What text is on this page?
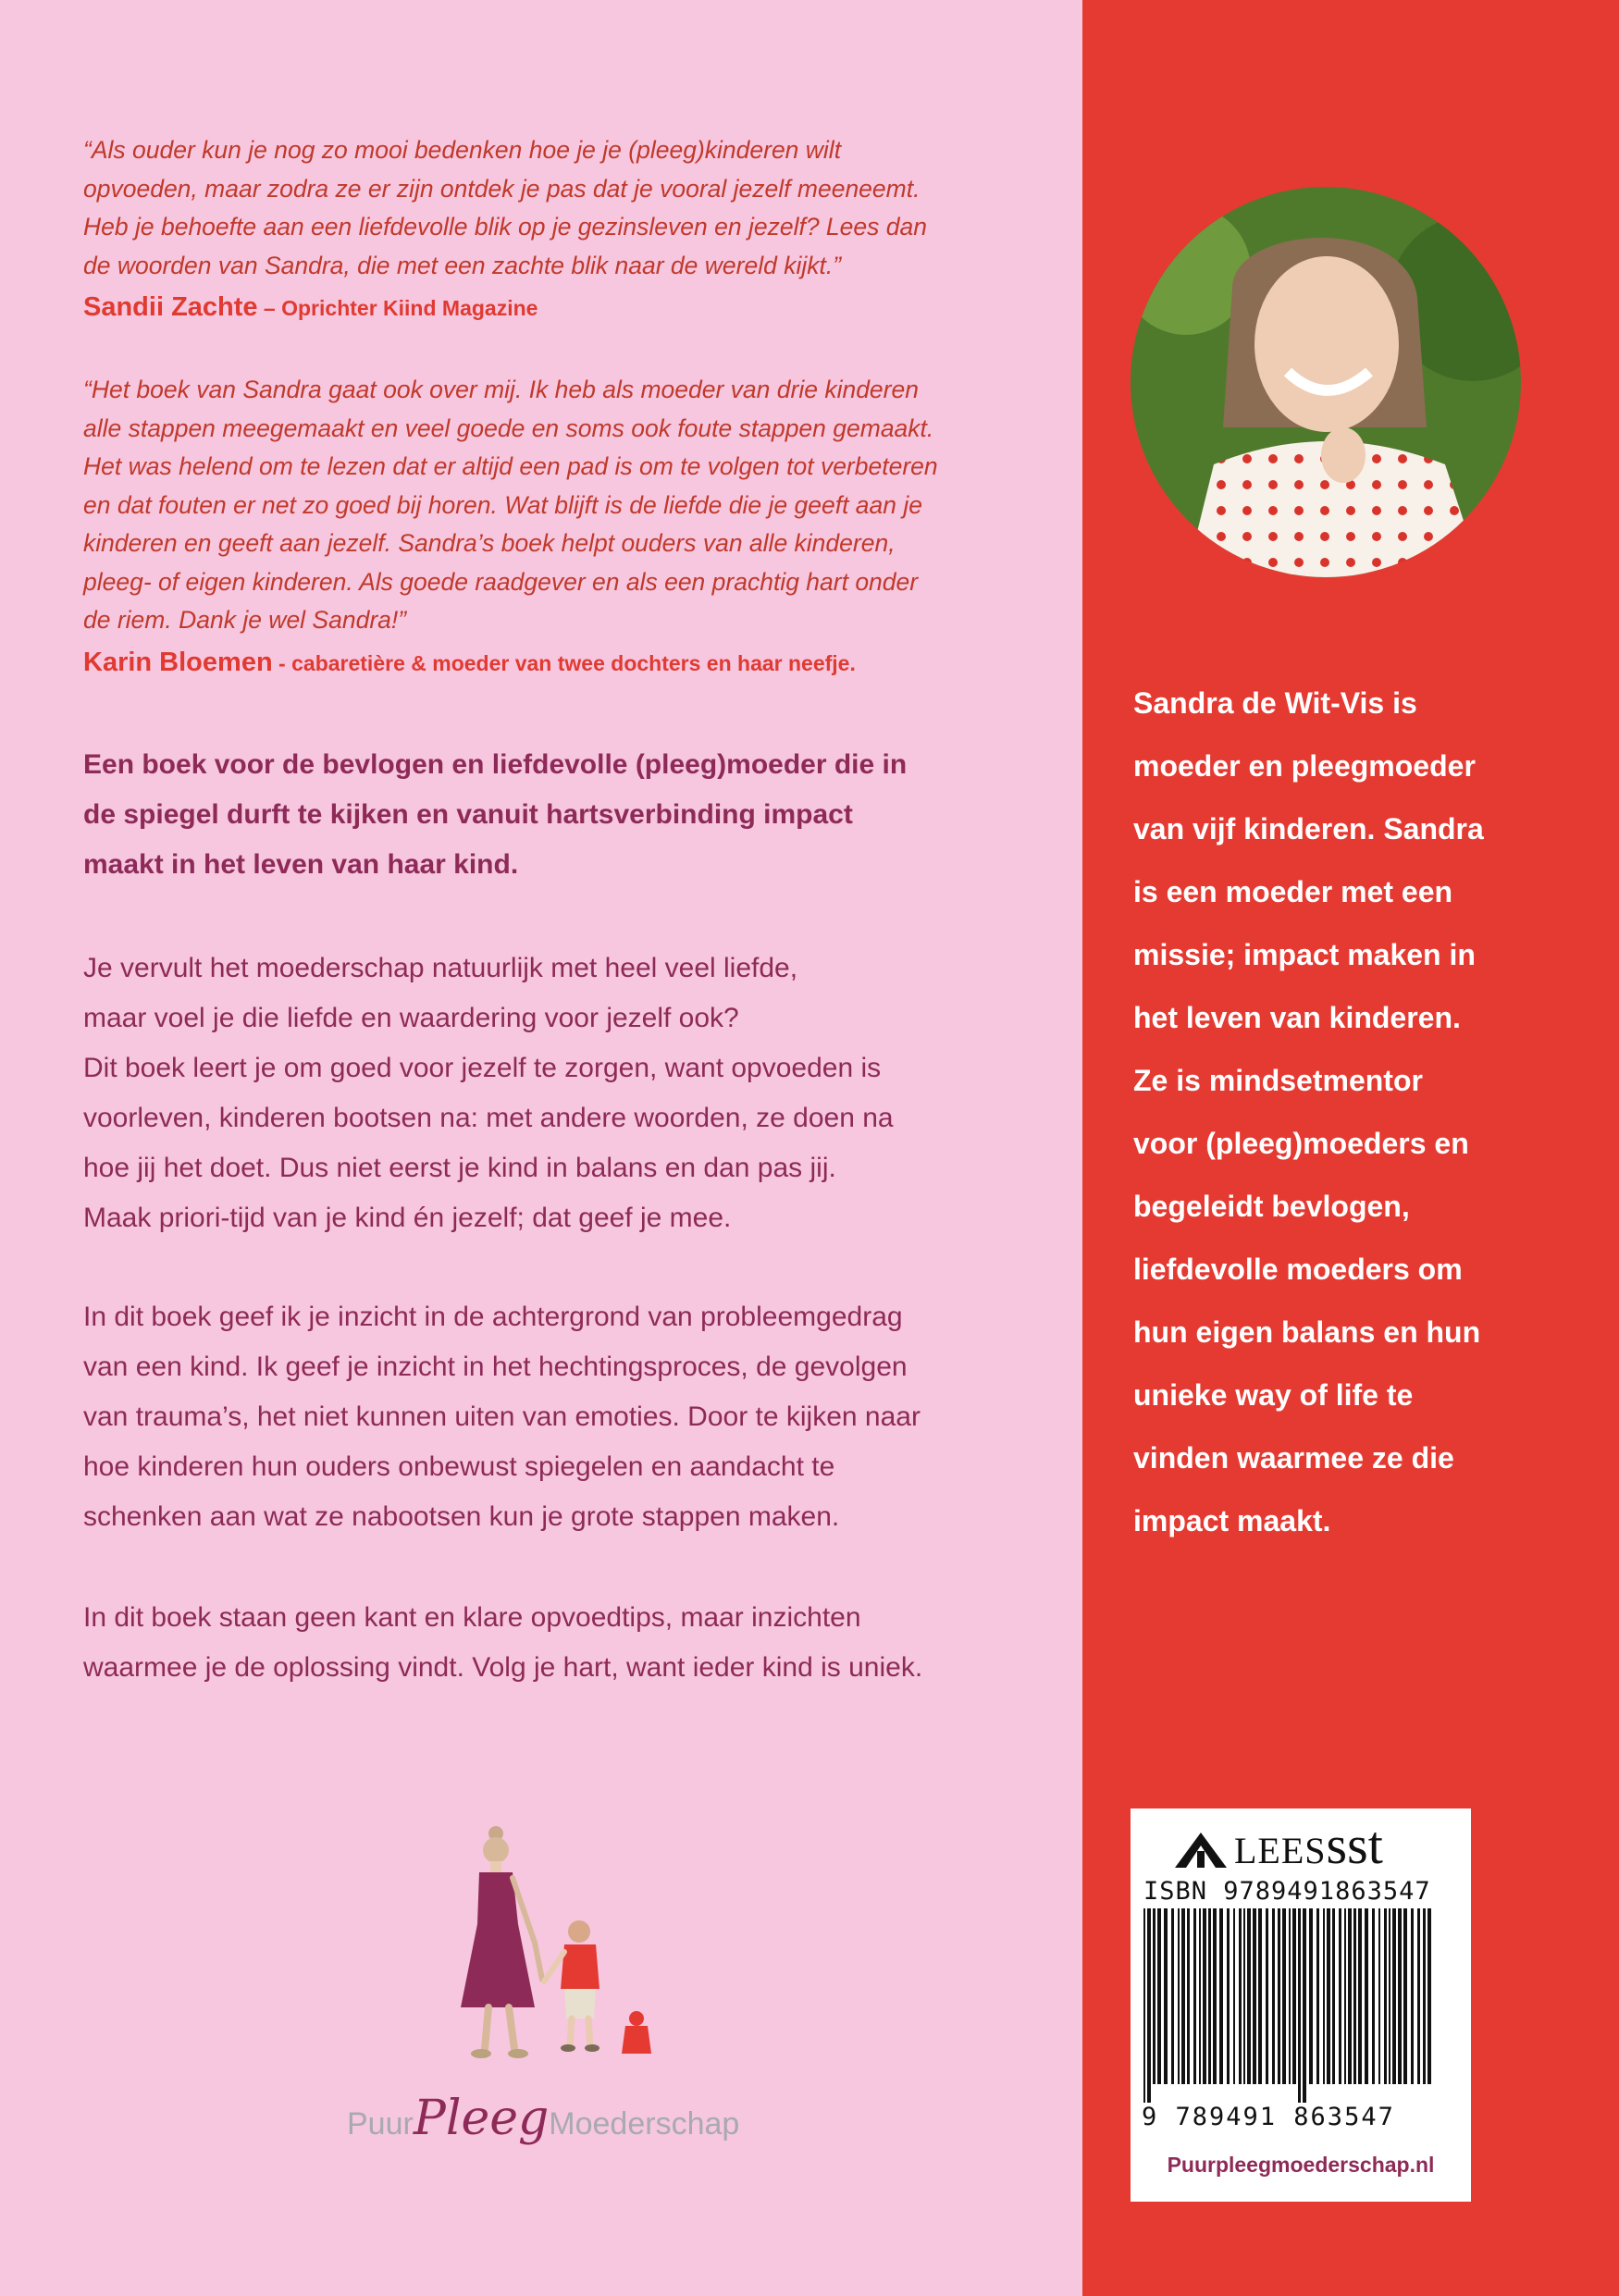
“Als ouder kun je nog zo mooi bedenken hoe je je (pleeg)kinderen wilt

opvoeden, maar zodra ze er zijn ontdek je pas dat je vooral jezelf meeneemt.

Heb je behoefte aan een liefdevolle blik op je gezinsleven en jezelf? Lees dan

de woorden van Sandra, die met een zachte blik naar de wereld kijkt.”

Sandii Zachte – Oprichter Kiind Magazine

“Het boek van Sandra gaat ook over mij. Ik heb als moeder van drie kinderen

alle stappen meegemaakt en veel goede en soms ook foute stappen gemaakt.

Het was helend om te lezen dat er altijd een pad is om te volgen tot verbeteren

en dat fouten er net zo goed bij horen. Wat blijft is de liefde die je geeft aan je

kinderen en geeft aan jezelf. Sandra’s boek helpt ouders van alle kinderen,

pleeg- of eigen kinderen. Als goede raadgever en als een prachtig hart onder

de riem. Dank je wel Sandra!”

Karin Bloemen - cabaretière & moeder van twee dochters en haar neefje.
Een boek voor de bevlogen en liefdevolle (pleeg)moeder die in
de spiegel durft te kijken en vanuit hartsverbinding impact
maakt in het leven van haar kind.
Je vervult het moederschap natuurlijk met heel veel liefde,
maar voel je die liefde en waardering voor jezelf ook?
Dit boek leert je om goed voor jezelf te zorgen, want opvoeden is
voorleven, kinderen bootsen na: met andere woorden, ze doen na
hoe jij het doet. Dus niet eerst je kind in balans en dan pas jij.
Maak priori-tijd van je kind én jezelf; dat geef je mee.
In dit boek geef ik je inzicht in de achtergrond van probleemgedrag
van een kind. Ik geef je inzicht in het hechtingsproces, de gevolgen
van trauma’s, het niet kunnen uiten van emoties. Door te kijken naar
hoe kinderen hun ouders onbewust spiegelen en aandacht te
schenken aan wat ze nabootsen kun je grote stappen maken.
In dit boek staan geen kant en klare opvoedtips, maar inzichten
waarmee je de oplossing vindt. Volg je hart, want ieder kind is uniek.
PuurPleegMoederschap
Sandra de Wit-Vis is
moeder en pleegmoeder
van vijf kinderen. Sandra
is een moeder met een
missie; impact maken in
het leven van kinderen.
Ze is mindsetmentor
voor (pleeg)moeders en
begeleidt bevlogen,
liefdevolle moeders om
hun eigen balans en hun
unieke way of life te
vinden waarmee ze die
impact maakt.
LEESsst
ISBN 9789491863547
9 789491 863547
Puurpleegmoederschap.nl
